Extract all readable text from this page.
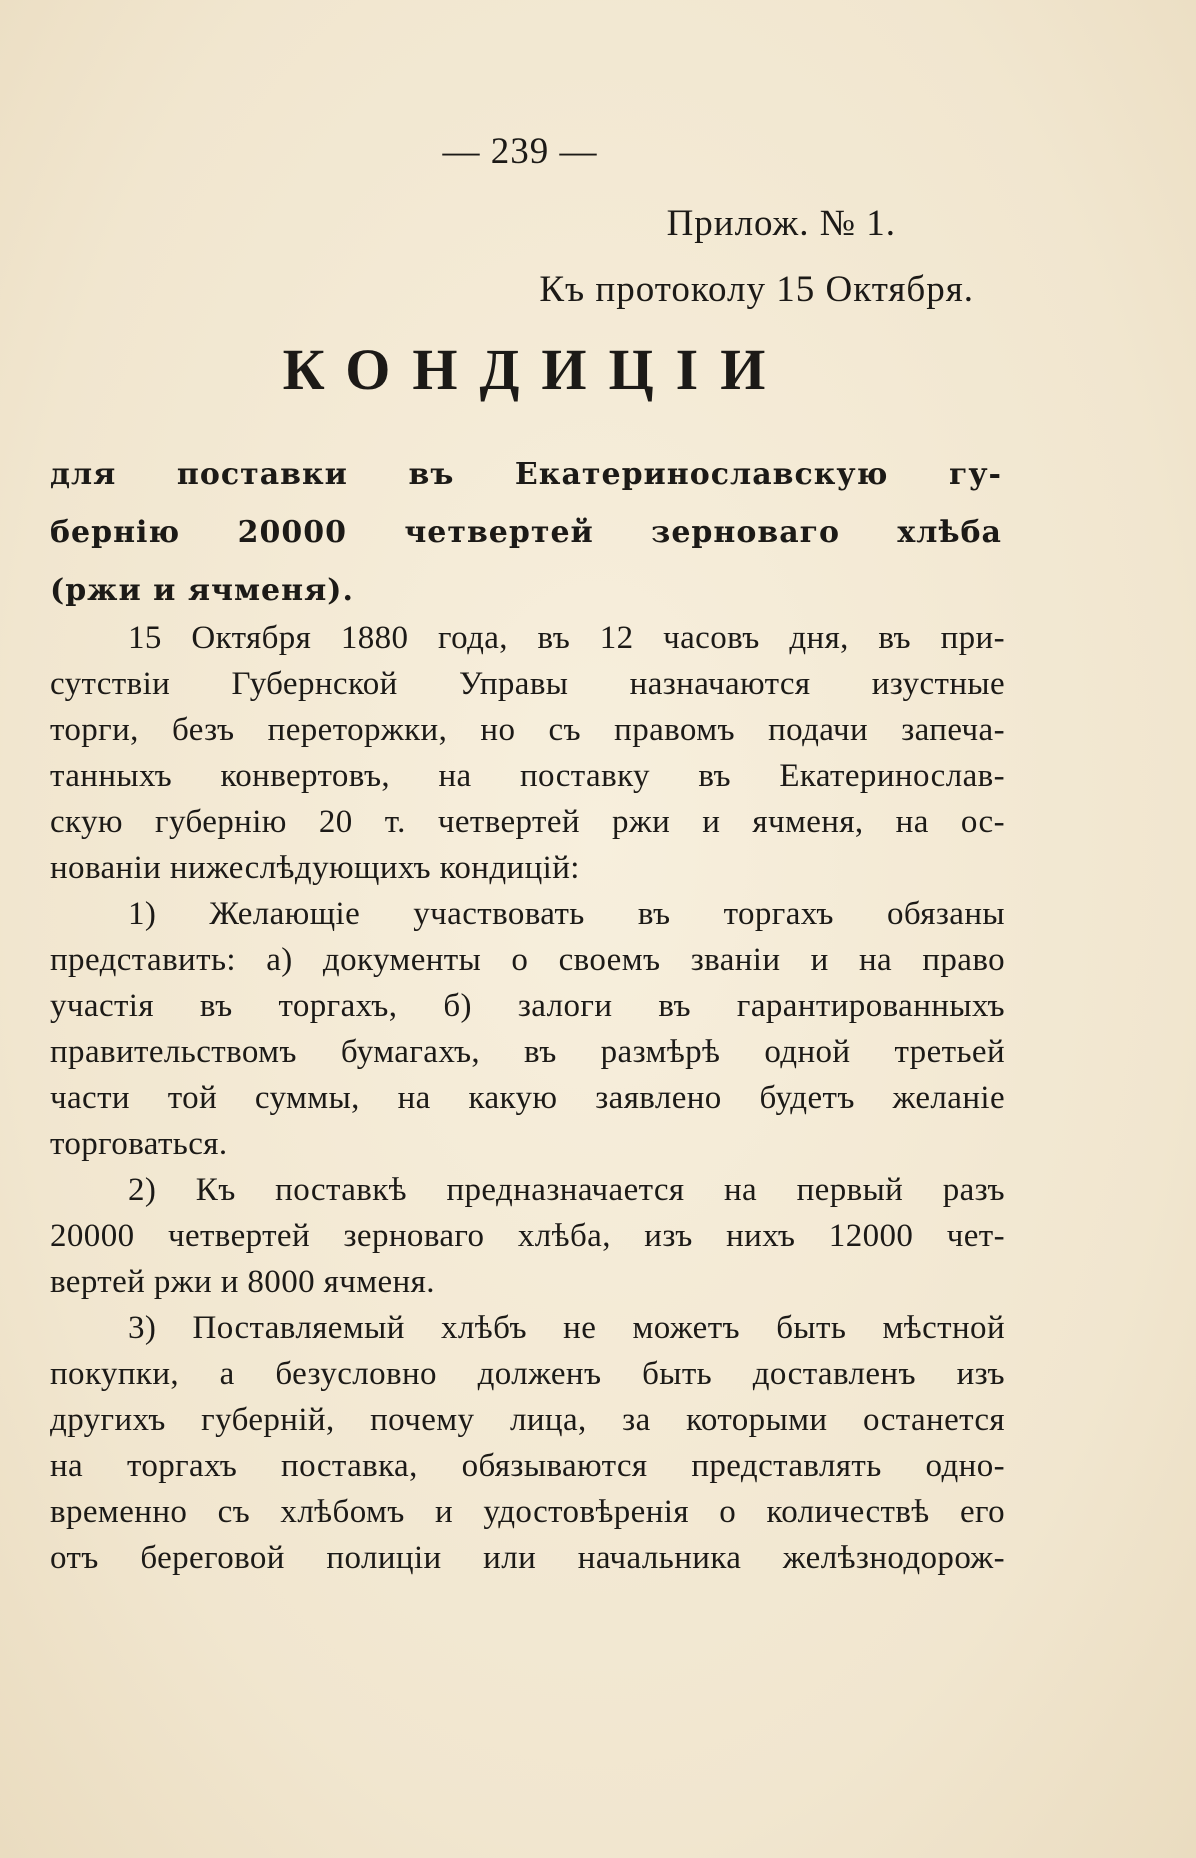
— 239 —
Прилож. № 1.
Къ протоколу 15 Октября.
КОНДИЦІИ
для поставки въ Екатеринославскую гу-
бернію 20000 четвертей зерноваго хлѣба
(ржи и ячменя).
15 Октября 1880 года, въ 12 часовъ дня, въ при-
сутствіи Губернской Управы назначаются изустные
торги, безъ переторжки, но съ правомъ подачи запеча-
танныхъ конвертовъ, на поставку въ Екатеринослав-
скую губернію 20 т. четвертей ржи и ячменя, на ос-
нованіи нижеслѣдующихъ кондицій:
1) Желающіе участвовать въ торгахъ обязаны
представить: а) документы о своемъ званіи и на право
участія въ торгахъ, б) залоги въ гарантированныхъ
правительствомъ бумагахъ, въ размѣрѣ одной третьей
части той суммы, на какую заявлено будетъ желаніе
торговаться.
2) Къ поставкѣ предназначается на первый разъ
20000 четвертей зерноваго хлѣба, изъ нихъ 12000 чет-
вертей ржи и 8000 ячменя.
3) Поставляемый хлѣбъ не можетъ быть мѣстной
покупки, а безусловно долженъ быть доставленъ изъ
другихъ губерній, почему лица, за которыми останется
на торгахъ поставка, обязываются представлять одно-
временно съ хлѣбомъ и удостовѣренія о количествѣ его
отъ береговой полиціи или начальника желѣзнодорож-
